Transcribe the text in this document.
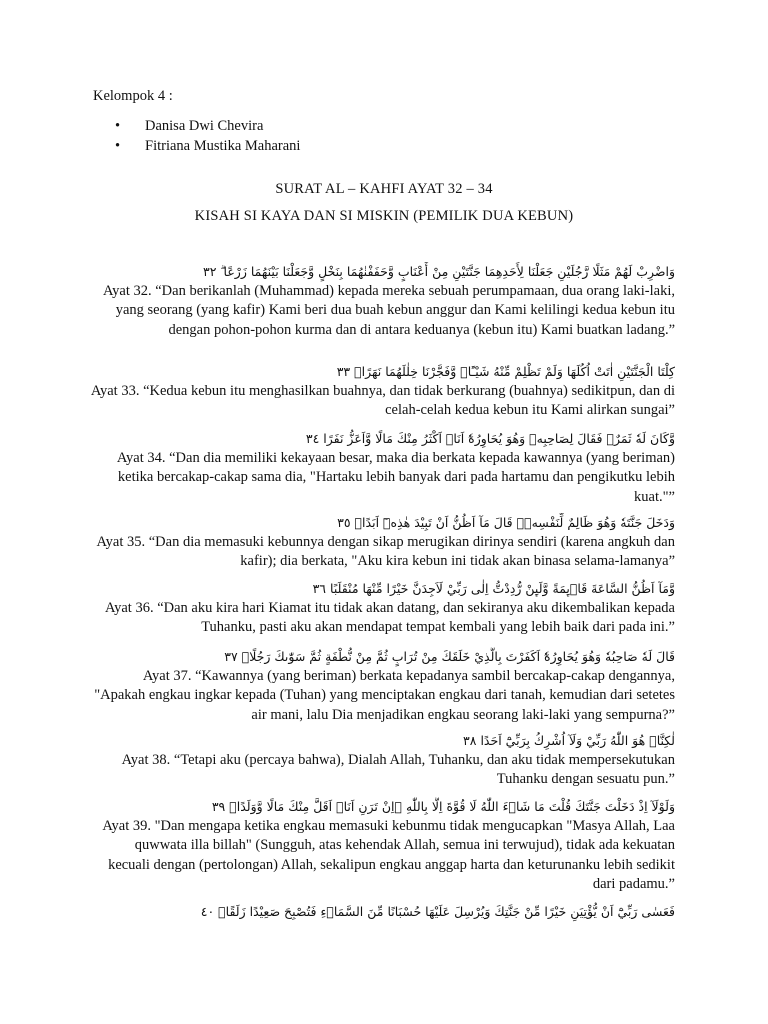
Kelompok 4 :

•	Danisa Dwi Chevira
•	Fitriana Mustika Maharani

SURAT AL – KAHFI AYAT 32 – 34

KISAH SI KAYA DAN SI MISKIN (PEMILIK DUA KEBUN)

وَاضْرِبْ لَهُمْ مَثَلًا رَّجُلَيْنِ جَعَلْنَا لِأَحَدِهِمَا جَنَّتَيْنِ مِنْ أَعْنَابٍ وَّحَفَفْنٰهُمَا بِنَخْلٍ وَّجَعَلْنَا بَيْنَهُمَا زَرْعًا ۗ ٣٢

Ayat 32. “Dan berikanlah (Muhammad) kepada mereka sebuah perumpamaan, dua orang laki-laki, yang seorang (yang kafir) Kami beri dua buah kebun anggur dan Kami kelilingi kedua kebun itu dengan pohon-pohon kurma dan di antara keduanya (kebun itu) Kami buatkan ladang.”

كِلْتَا الْجَنَّتَيْنِ اٰتَتْ اُكُلَهَا وَلَمْ تَظْلِمْ مِّنْهُ شَيْـًٔاۙ وَّفَجَّرْنَا خِلٰلَهُمَا نَهَرًاۙ ٣٣

Ayat 33. “Kedua kebun itu menghasilkan buahnya, dan tidak berkurang (buahnya) sedikitpun, dan di celah-celah kedua kebun itu Kami alirkan sungai”

وَّكَانَ لَهٗ ثَمَرٌۚ فَقَالَ لِصَاحِبِهٖ وَهُوَ يُحَاوِرُهٗٓ اَنَا۠ اَكْثَرُ مِنْكَ مَالًا وَّاَعَزُّ نَفَرًا ٣٤

Ayat 34. “Dan dia memiliki kekayaan besar, maka dia berkata kepada kawannya (yang beriman) ketika bercakap-cakap sama dia, "Hartaku lebih banyak dari pada hartamu dan pengikutku lebih kuat."”

وَدَخَلَ جَنَّتَهٗ وَهُوَ ظَالِمٌ لِّنَفْسِهٖۚ قَالَ مَآ اَظُنُّ اَنْ تَبِيْدَ هٰذِهٖٓ اَبَدًاۙ ٣٥

Ayat 35. “Dan dia memasuki kebunnya dengan sikap merugikan dirinya sendiri (karena angkuh dan kafir); dia berkata, "Aku kira kebun ini tidak akan binasa selama-lamanya”

وَّمَآ اَظُنُّ السَّاعَةَ قَاۤىِٕمَةً وَّلَىِٕنْ رُّدِدْتُّ اِلٰى رَبِّيْ لَاَجِدَنَّ خَيْرًا مِّنْهَا مُنْقَلَبًا ٣٦

Ayat 36. “Dan aku kira hari Kiamat itu tidak akan datang, dan sekiranya aku dikembalikan kepada Tuhanku, pasti aku akan mendapat tempat kembali yang lebih baik dari pada ini.”

قَالَ لَهٗ صَاحِبُهٗ وَهُوَ يُحَاوِرُهٗٓ اَكَفَرْتَ بِالَّذِيْ خَلَقَكَ مِنْ تُرَابٍ ثُمَّ مِنْ نُّطْفَةٍ ثُمَّ سَوّٰىكَ رَجُلًاۗ ٣٧

Ayat 37. “Kawannya (yang beriman) berkata kepadanya sambil bercakap-cakap dengannya, "Apakah engkau ingkar kepada (Tuhan) yang menciptakan engkau dari tanah, kemudian dari setetes air mani, lalu Dia menjadikan engkau seorang laki-laki yang sempurna?”

لٰكِنَّا۠ هُوَ اللّٰهُ رَبِّيْ وَلَآ اُشْرِكُ بِرَبِّيْٓ اَحَدًا ٣٨

Ayat 38. “Tetapi aku (percaya bahwa), Dialah Allah, Tuhanku, dan aku tidak mempersekutukan Tuhanku dengan sesuatu pun.”

وَلَوْلَآ اِذْ دَخَلْتَ جَنَّتَكَ قُلْتَ مَا شَاۤءَ اللّٰهُ لَا قُوَّةَ اِلَّا بِاللّٰهِ ۚاِنْ تَرَنِ اَنَا۠ اَقَلَّ مِنْكَ مَالًا وَّوَلَدًاۚ ٣٩

Ayat 39. "Dan mengapa ketika engkau memasuki kebunmu tidak mengucapkan "Masya Allah, Laa quwwata illa billah" (Sungguh, atas kehendak Allah, semua ini terwujud), tidak ada kekuatan kecuali dengan (pertolongan) Allah, sekalipun engkau anggap harta dan keturunanku lebih sedikit dari padamu.”

فَعَسٰى رَبِّيْٓ اَنْ يُّؤْتِيَنِ خَيْرًا مِّنْ جَنَّتِكَ وَيُرْسِلَ عَلَيْهَا حُسْبَانًا مِّنَ السَّمَاۤءِ فَتُصْبِحَ صَعِيْدًا زَلَقًاۙ ٤٠
